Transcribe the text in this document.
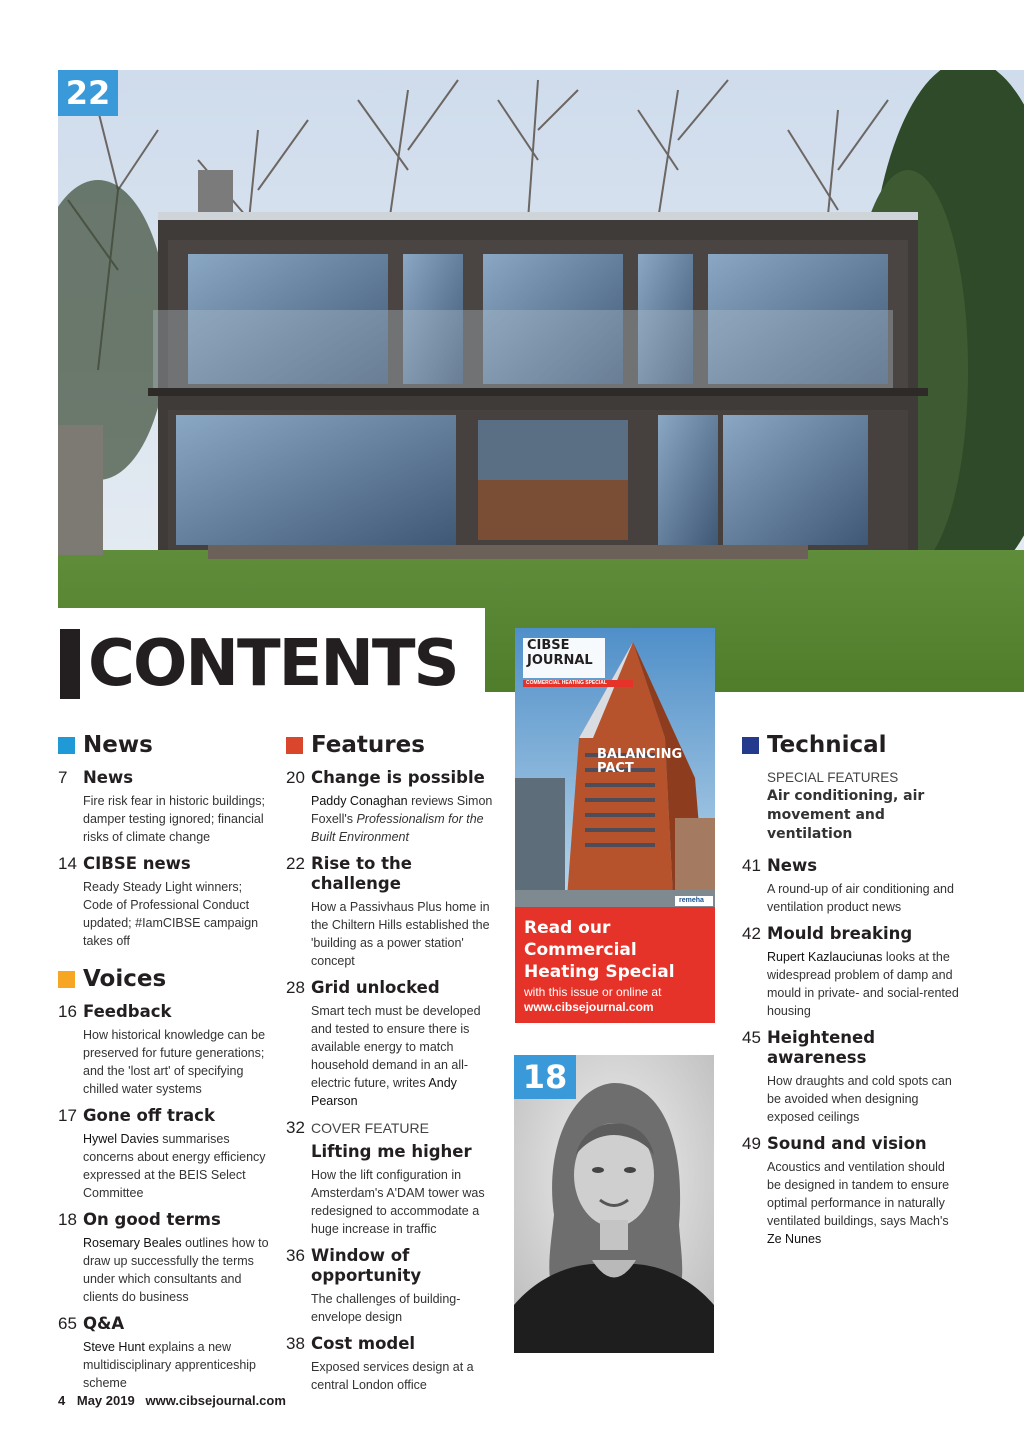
22
CONTENTS
News
7 News
Fire risk fear in historic buildings; damper testing ignored; financial risks of climate change
14 CIBSE news
Ready Steady Light winners; Code of Professional Conduct updated; #IamCIBSE campaign takes off
Voices
16 Feedback
How historical knowledge can be preserved for future generations; and the 'lost art' of specifying chilled water systems
17 Gone off track
Hywel Davies summarises concerns about energy efficiency expressed at the BEIS Select Committee
18 On good terms
Rosemary Beales outlines how to draw up successfully the terms under which consultants and clients do business
65 Q&A
Steve Hunt explains a new multidisciplinary apprenticeship scheme
Features
20 Change is possible
Paddy Conaghan reviews Simon Foxell's Professionalism for the Built Environment
22 Rise to the challenge
How a Passivhaus Plus home in the Chiltern Hills established the 'building as a power station' concept
28 Grid unlocked
Smart tech must be developed and tested to ensure there is available energy to match household demand in an all-electric future, writes Andy Pearson
32 COVER FEATURE
Lifting me higher
How the lift configuration in Amsterdam's A'DAM tower was redesigned to accommodate a huge increase in traffic
36 Window of opportunity
The challenges of building-envelope design
38 Cost model
Exposed services design at a central London office
CIBSE
JOURNAL
COMMERCIAL HEATING SPECIAL
BALANCING
PACT
remeha
Read our
Commercial
Heating Special
with this issue or online at
www.cibsejournal.com
18
Technical
SPECIAL FEATURES
Air conditioning, air movement and ventilation
41 News
A round-up of air conditioning and ventilation product news
42 Mould breaking
Rupert Kazlauciunas looks at the widespread problem of damp and mould in private- and social-rented housing
45 Heightened awareness
How draughts and cold spots can be avoided when designing exposed ceilings
49 Sound and vision
Acoustics and ventilation should be designed in tandem to ensure optimal performance in naturally ventilated buildings, says Mach's Ze Nunes
4 May 2019 www.cibsejournal.com
